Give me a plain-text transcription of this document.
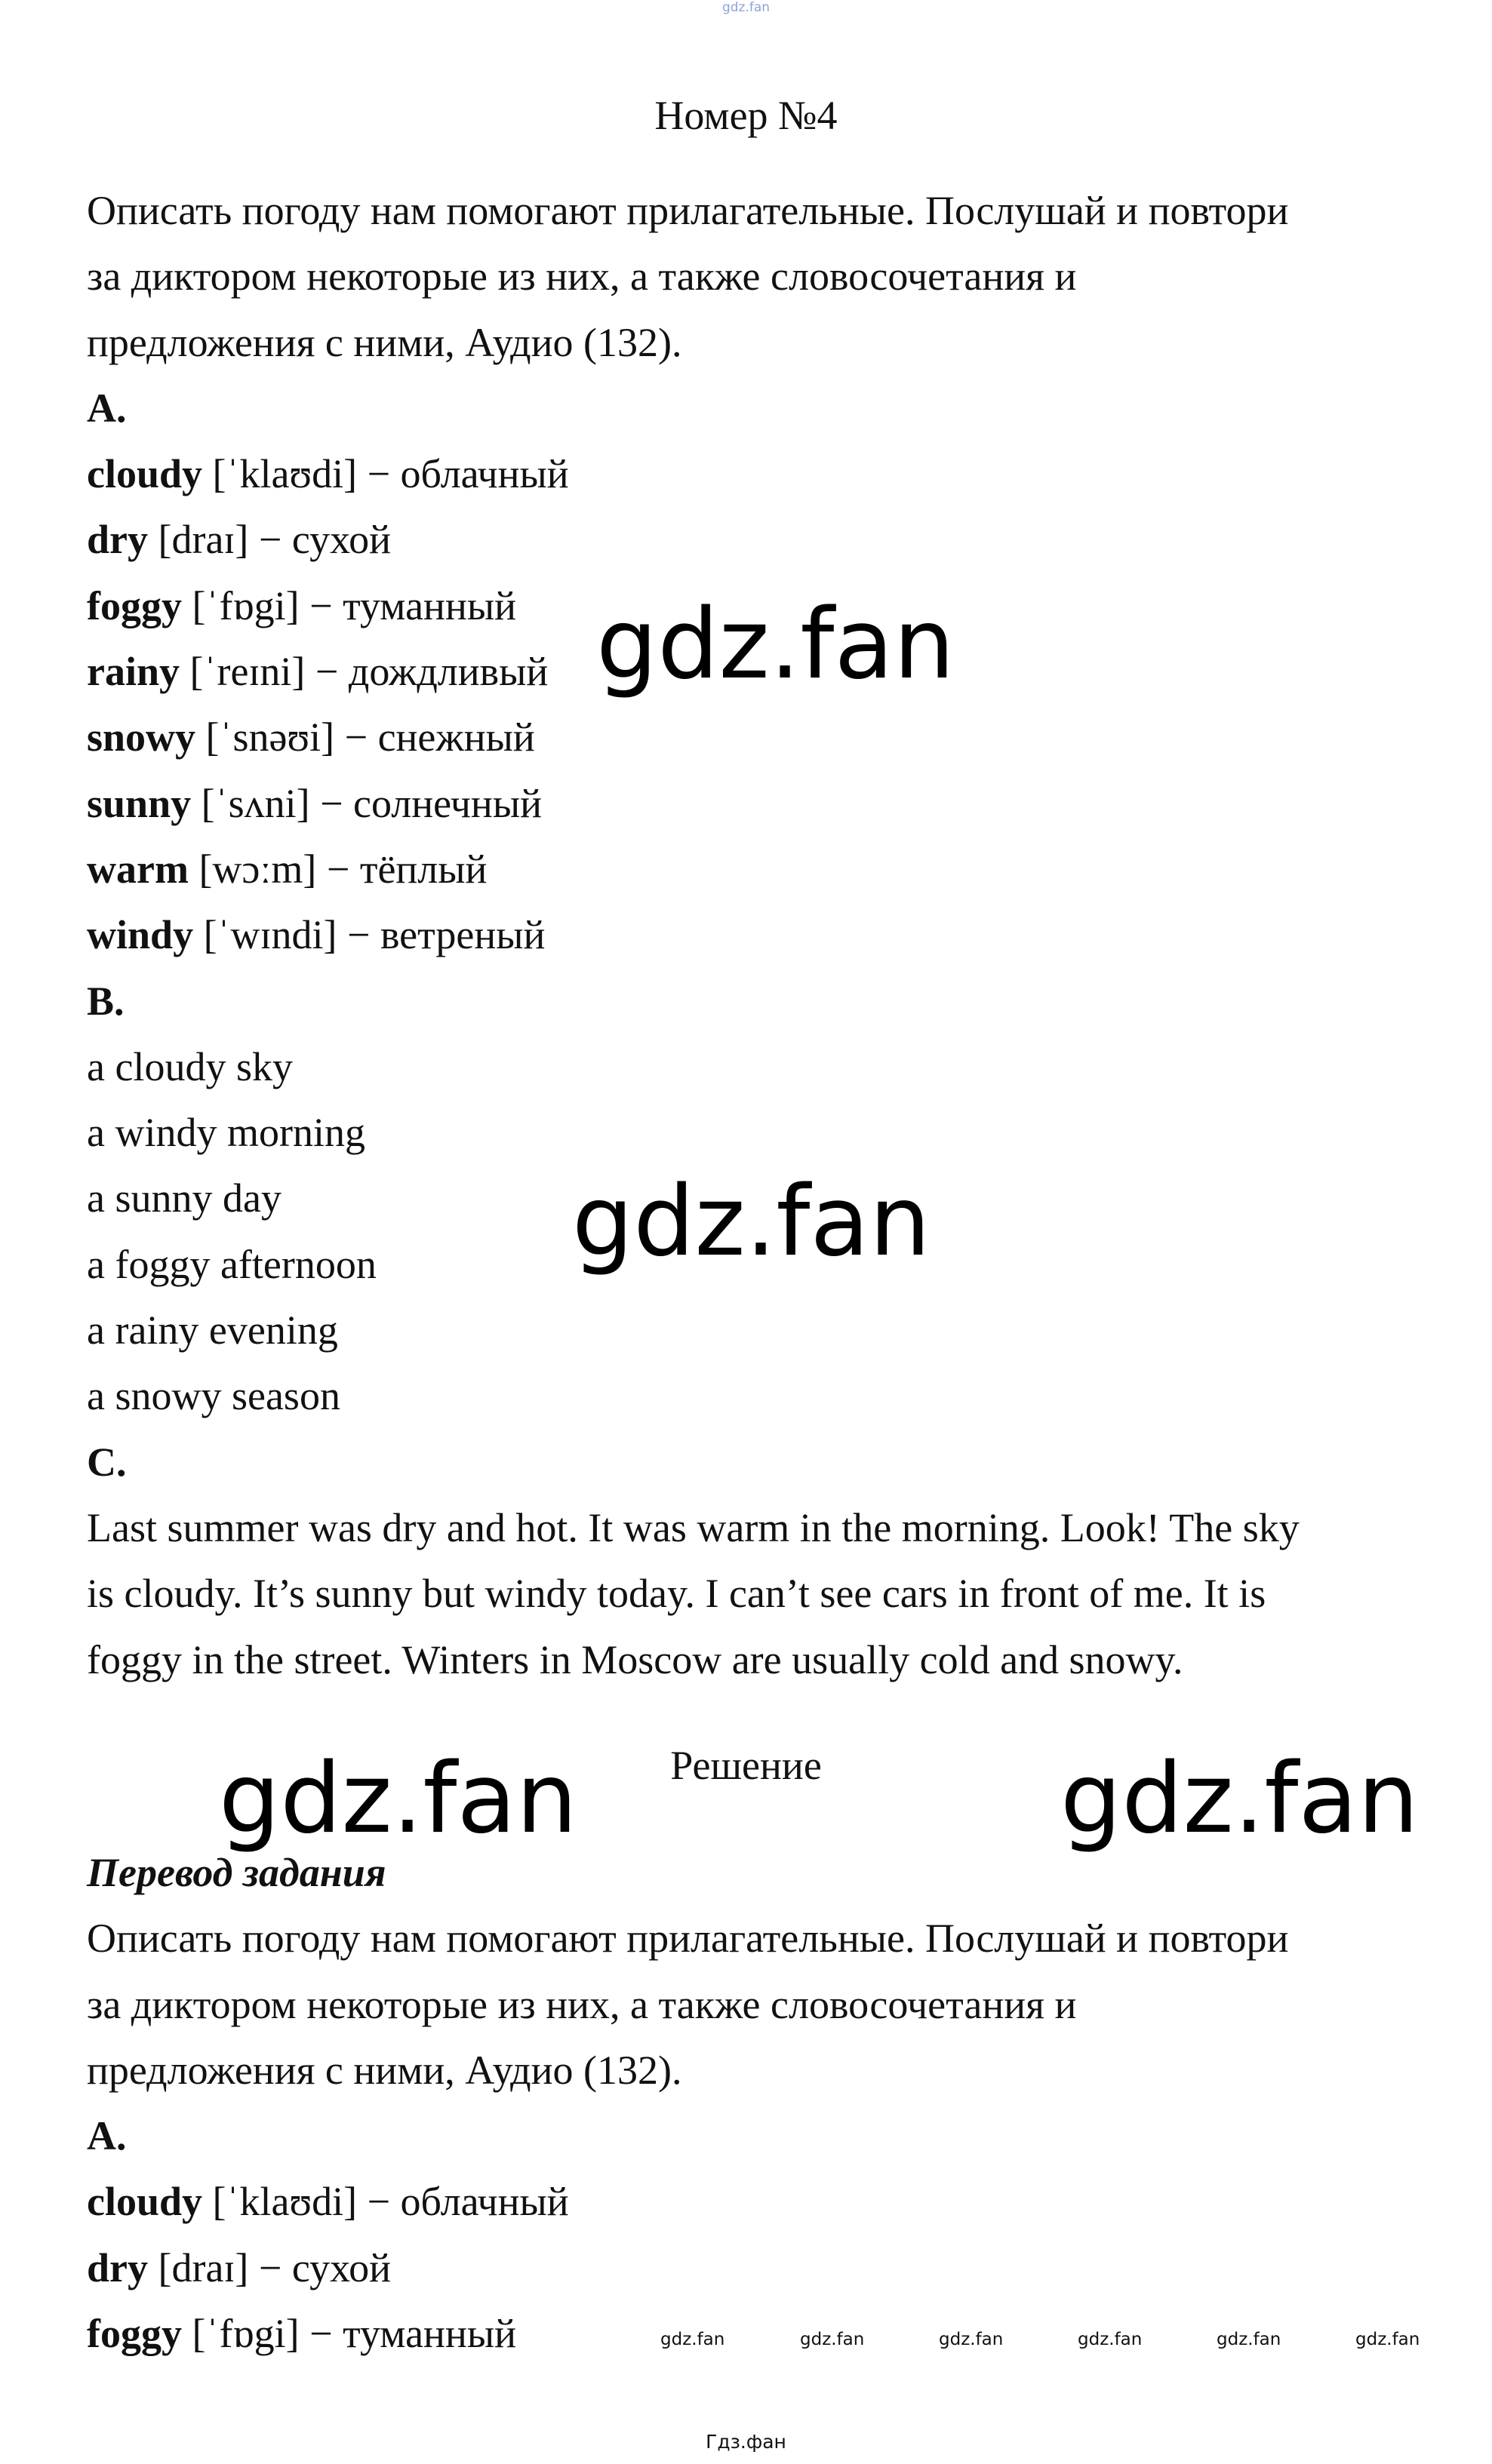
gdz.fan
Номер №4
Описать погоду нам помогают прилагательные. Послушай и повтори
за диктором некоторые из них, а также словосочетания и
предложения с ними, Аудио (132).
A.
cloudy [ˈklaʊdi] − облачный
dry [draɪ] − сухой
foggy [ˈfɒgi] − туманный
rainy [ˈreɪni] − дождливый
snowy [ˈsnəʊi] − снежный
sunny [ˈsʌni] − солнечный
warm [wɔːm] − тёплый
windy [ˈwɪndi] − ветреный
B.
a cloudy sky
a windy morning
a sunny day
a foggy afternoon
a rainy evening
a snowy season
C.
Last summer was dry and hot. It was warm in the morning. Look! The sky
is cloudy. It’s sunny but windy today. I can’t see cars in front of me. It is
foggy in the street. Winters in Moscow are usually cold and snowy.
Решение
Перевод задания
Описать погоду нам помогают прилагательные. Послушай и повтори
за диктором некоторые из них, а также словосочетания и
предложения с ними, Аудио (132).
A.
cloudy [ˈklaʊdi] − облачный
dry [draɪ] − сухой
foggy [ˈfɒgi] − туманный
gdz.fan
gdz.fan
gdz.fan	gdz.fan
gdz.fan	gdz.fan	gdz.fan	gdz.fan	gdz.fan	gdz.fan
Гдз.фан
